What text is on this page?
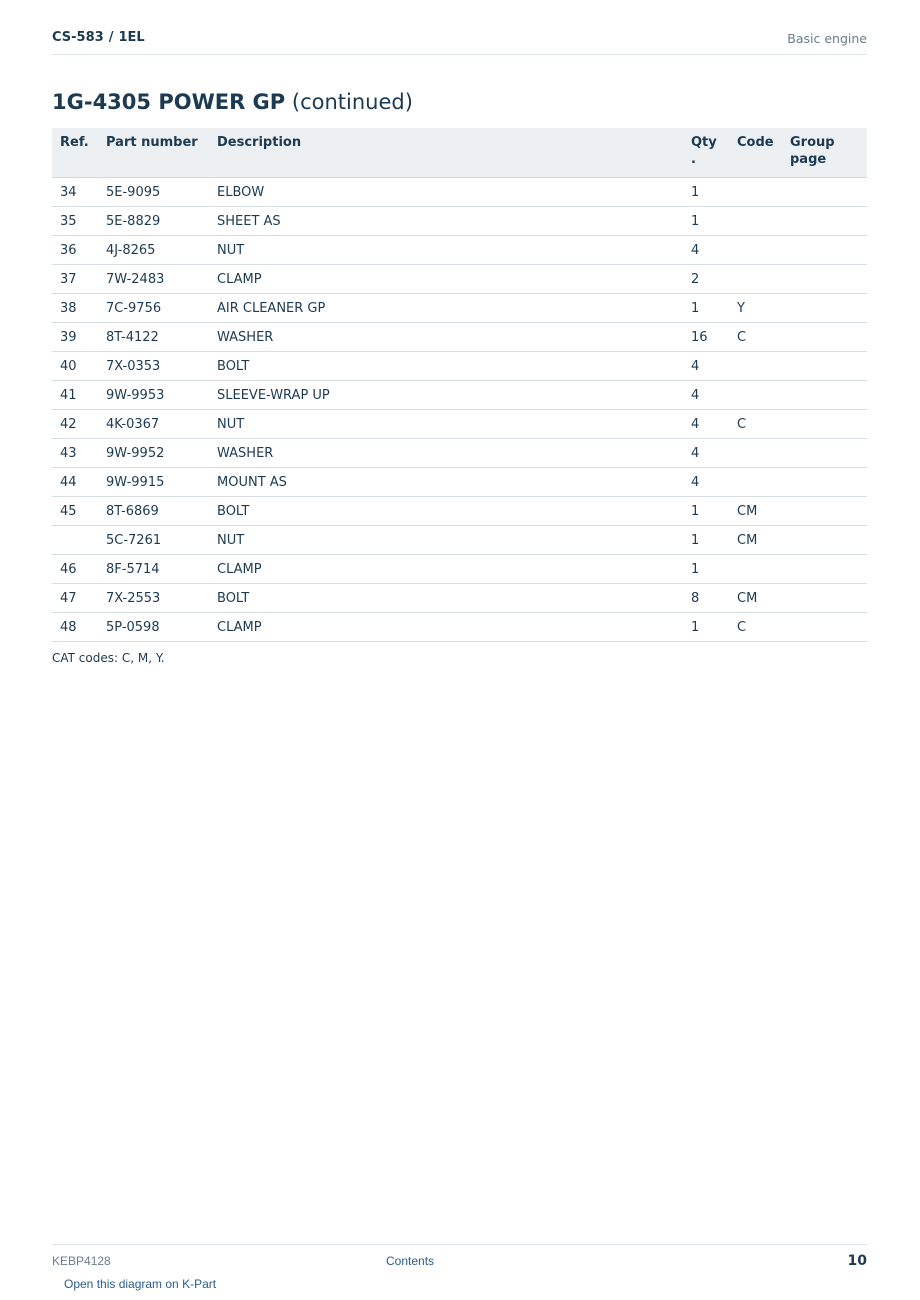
CS-583 / 1EL	Basic engine
1G-4305 POWER GP (continued)
Ref.	Part number	Description	Qty .	Code	Group page
34	5E-9095	ELBOW	1		
35	5E-8829	SHEET AS	1		
36	4J-8265	NUT	4		
37	7W-2483	CLAMP	2		
38	7C-9756	AIR CLEANER GP	1	Y	
39	8T-4122	WASHER	16	C	
40	7X-0353	BOLT	4		
41	9W-9953	SLEEVE-WRAP UP	4		
42	4K-0367	NUT	4	C	
43	9W-9952	WASHER	4		
44	9W-9915	MOUNT AS	4		
45	8T-6869	BOLT	1	CM	
	5C-7261	NUT	1	CM	
46	8F-5714	CLAMP	1		
47	7X-2553	BOLT	8	CM	
48	5P-0598	CLAMP	1	C	
CAT codes: C, M, Y.
KEBP4128	Contents	10
Open this diagram on K-Part
